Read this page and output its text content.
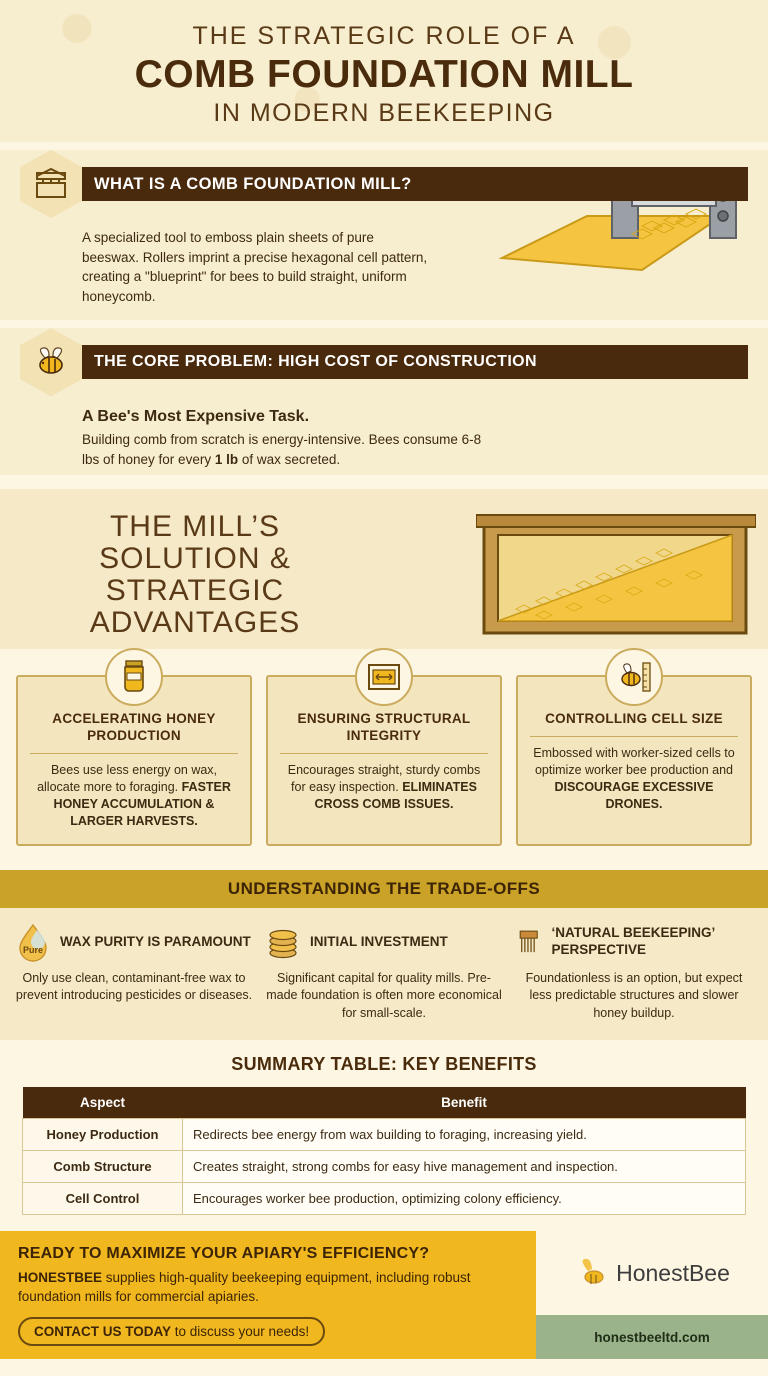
THE STRATEGIC ROLE OF A
COMB FOUNDATION MILL
IN MODERN BEEKEEPING
WHAT IS A COMB FOUNDATION MILL?
A specialized tool to emboss plain sheets of pure beeswax. Rollers imprint a precise hexagonal cell pattern, creating a "blueprint" for bees to build straight, uniform honeycomb.
THE CORE PROBLEM: HIGH COST OF CONSTRUCTION
A Bee's Most Expensive Task.
Building comb from scratch is energy-intensive. Bees consume 6-8 lbs of honey for every 1 lb of wax secreted.

THE MILL’S
SOLUTION &
STRATEGIC
ADVANTAGES
ACCELERATING HONEY PRODUCTION
Bees use less energy on wax, allocate more to foraging. FASTER HONEY ACCUMULATION & LARGER HARVESTS.
ENSURING STRUCTURAL INTEGRITY
Encourages straight, sturdy combs for easy inspection. ELIMINATES CROSS COMB ISSUES.
CONTROLLING CELL SIZE
Embossed with worker-sized cells to optimize worker bee production and DISCOURAGE EXCESSIVE DRONES.
UNDERSTANDING THE TRADE-OFFS
Pure
WAX PURITY IS PARAMOUNT
Only use clean, contaminant-free wax to prevent introducing pesticides or diseases.
INITIAL INVESTMENT
Significant capital for quality mills. Pre-made foundation is often more economical for small-scale.
‘NATURAL BEEKEEPING’ PERSPECTIVE
Foundationless is an option, but expect less predictable structures and slower honey buildup.
SUMMARY TABLE: KEY BENEFITS
Aspect	Benefit
Honey Production	Redirects bee energy from wax building to foraging, increasing yield.
Comb Structure	Creates straight, strong combs for easy hive management and inspection.
Cell Control	Encourages worker bee production, optimizing colony efficiency.
READY TO MAXIMIZE YOUR APIARY'S EFFICIENCY?
HONESTBEE supplies high-quality beekeeping equipment, including robust foundation mills for commercial apiaries.
CONTACT US TODAY to discuss your needs!
HonestBee
honestbeeltd.com
